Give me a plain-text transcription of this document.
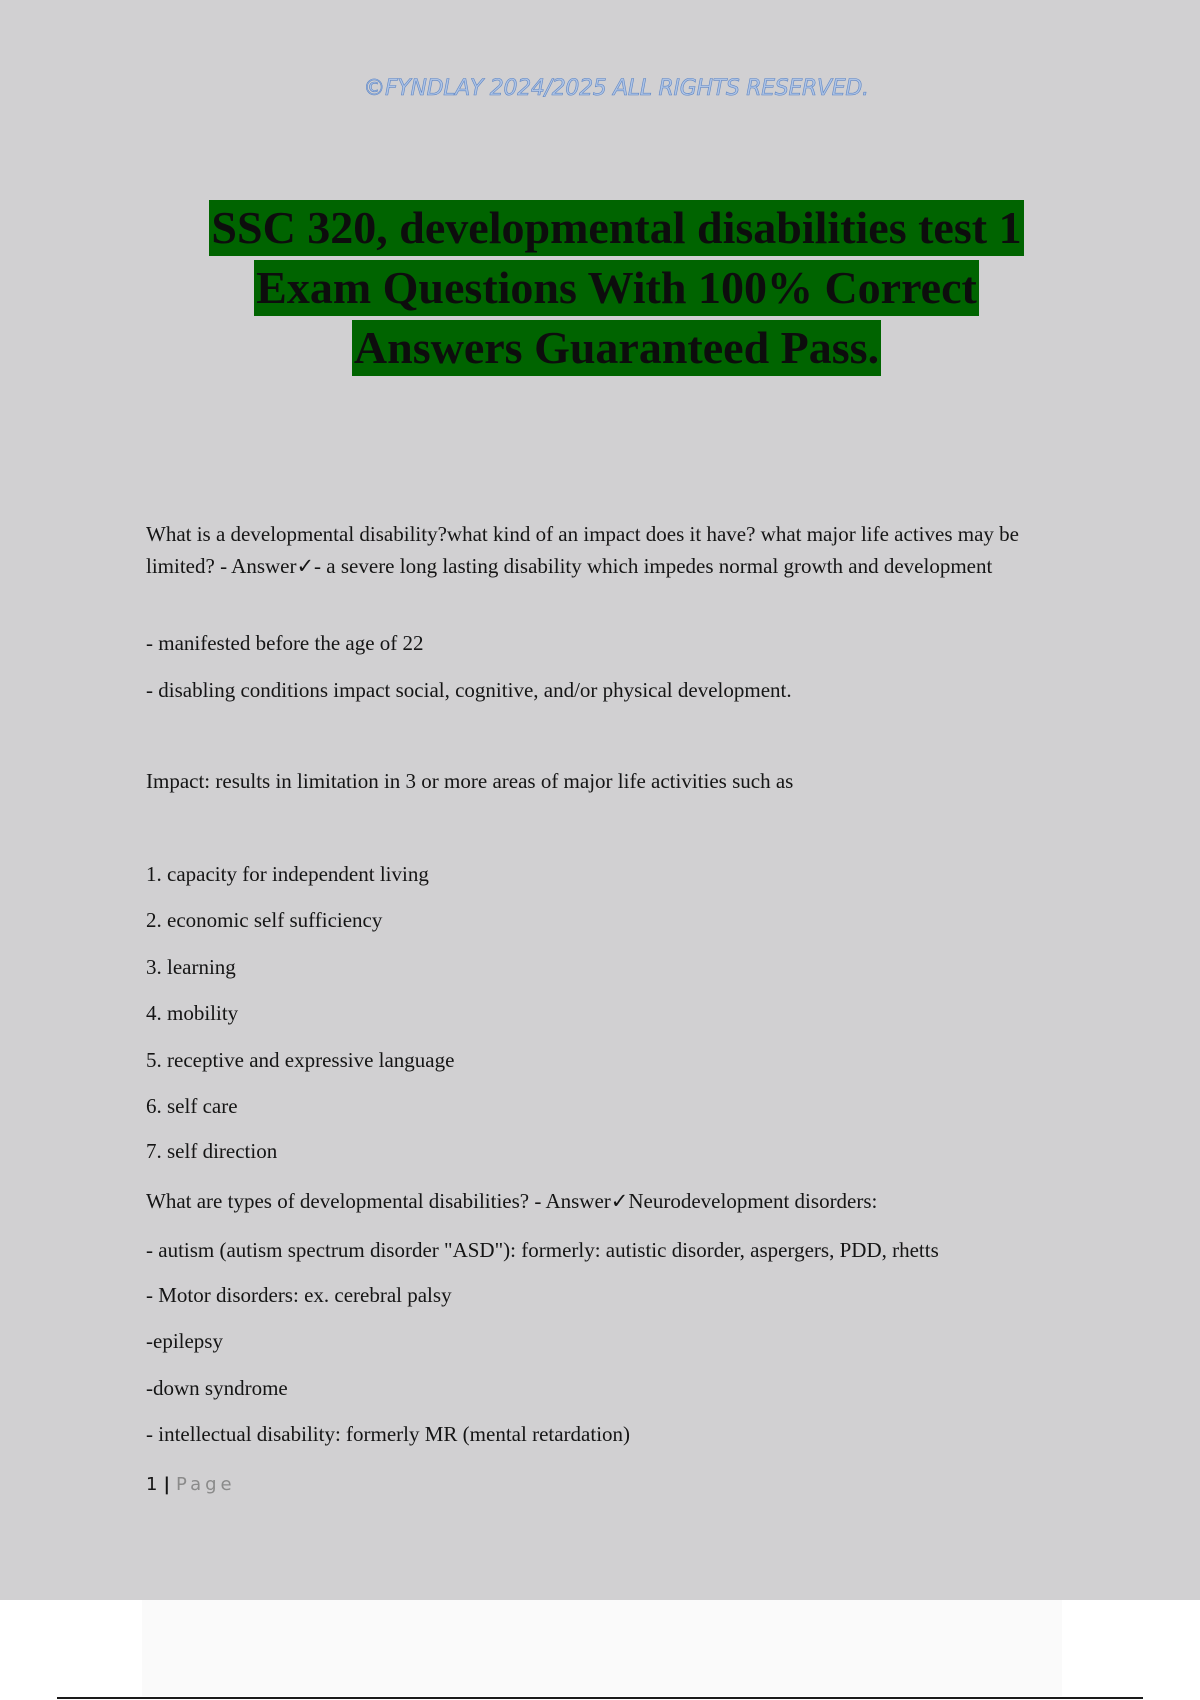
©FYNDLAY 2024/2025 ALL RIGHTS RESERVED.
SSC 320, developmental disabilities test 1
Exam Questions With 100% Correct
Answers Guaranteed Pass.

What is a developmental disability?what kind of an impact does it have? what major life actives may be limited? - Answer✓- a severe long lasting disability which impedes normal growth and development

- manifested before the age of 22
- disabling conditions impact social, cognitive, and/or physical development.
Impact: results in limitation in 3 or more areas of major life activities such as
1. capacity for independent living
2. economic self sufficiency
3. learning
4. mobility
5. receptive and expressive language
6. self care
7. self direction
What are types of developmental disabilities? - Answer✓Neurodevelopment disorders:
- autism (autism spectrum disorder "ASD"): formerly: autistic disorder, aspergers, PDD, rhetts
- Motor disorders: ex. cerebral palsy
-epilepsy
-down syndrome
- intellectual disability: formerly MR (mental retardation)
1 | Page
